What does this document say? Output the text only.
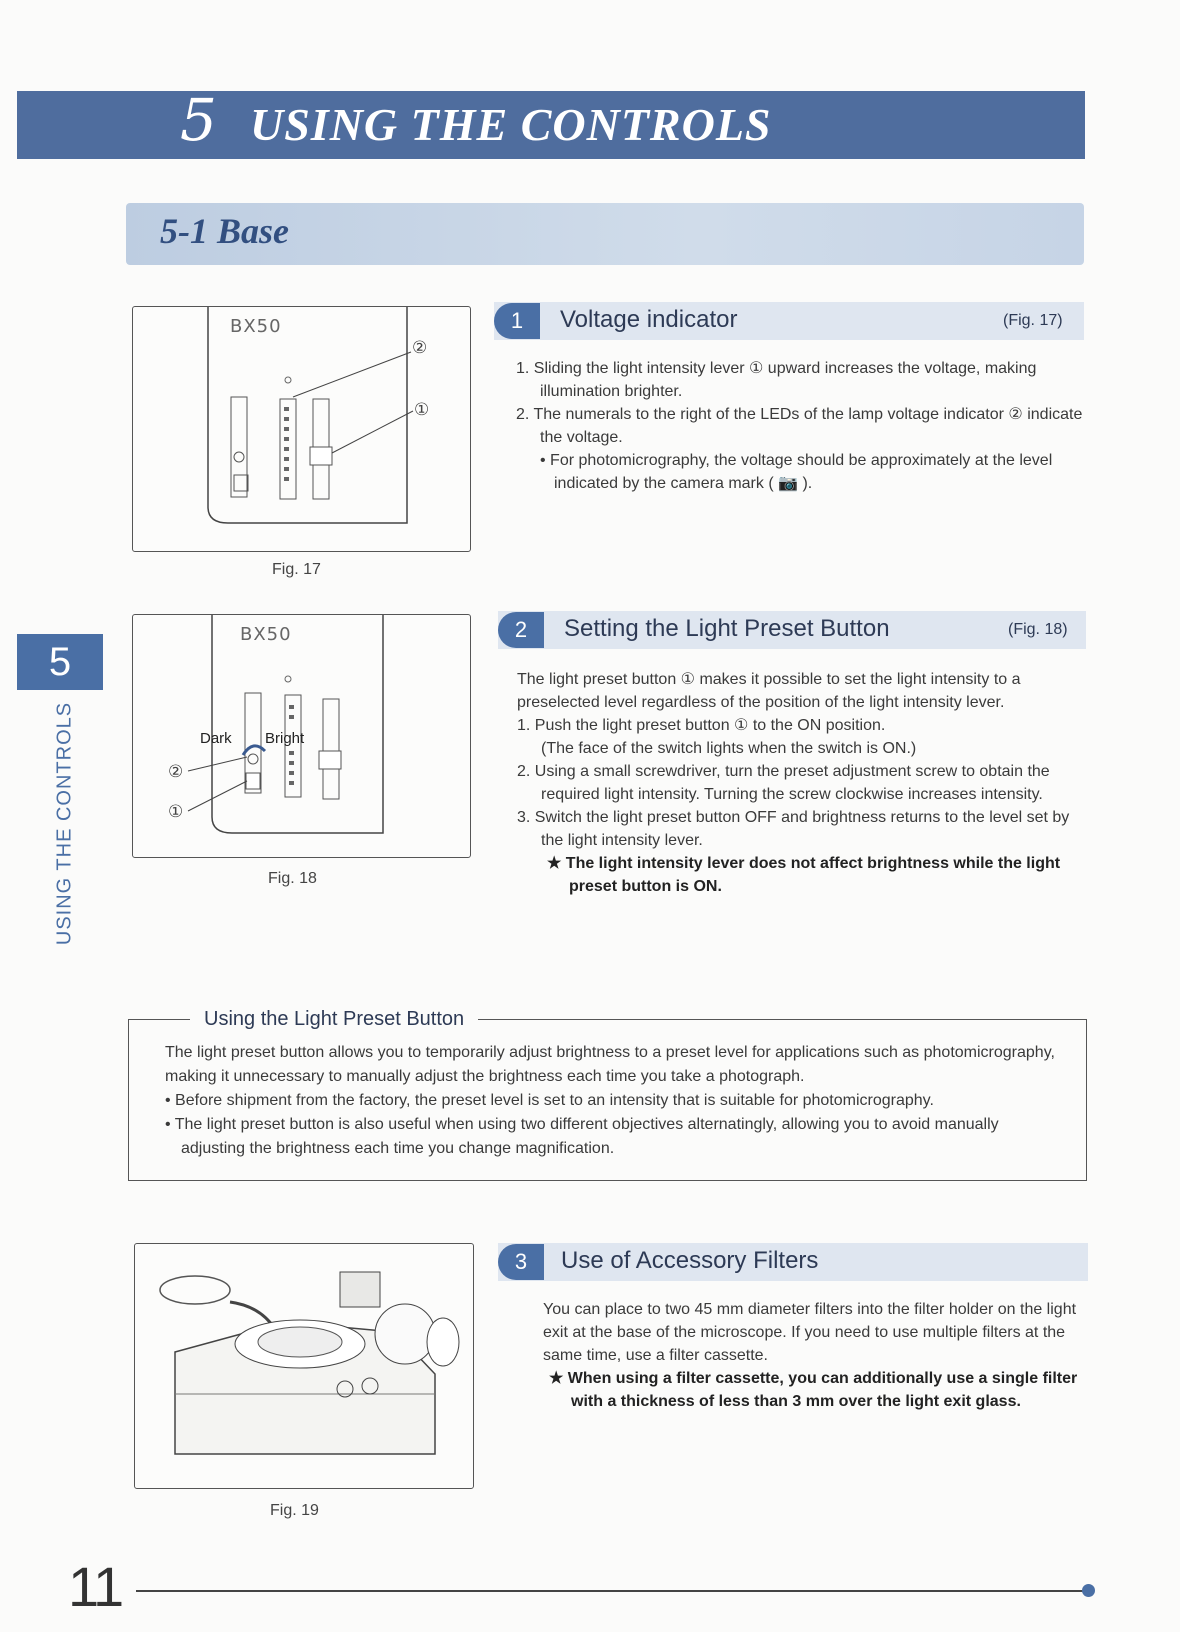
5 USING THE CONTROLS
5-1 Base
5
USING THE CONTROLS
BX50
②
①
Fig. 17
BX50
Dark Bright
②
①
Fig. 18
Fig. 19
1	Voltage indicator	(Fig. 17)

1. Sliding the light intensity lever ① upward increases the voltage, making illumination brighter.

2. The numerals to the right of the LEDs of the lamp voltage indicator ② indicate the voltage.

• For photomicrography, the voltage should be approximately at the level indicated by the camera mark ( 📷 ).

2	Setting the Light Preset Button	(Fig. 18)

The light preset button ① makes it possible to set the light intensity to a preselected level regardless of the position of the light intensity lever.

1. Push the light preset button ① to the ON position.

(The face of the switch lights when the switch is ON.)

2. Using a small screwdriver, turn the preset adjustment screw to obtain the required light intensity. Turning the screw clockwise increases intensity.

3. Switch the light preset button OFF and brightness returns to the level set by the light intensity lever.

★ The light intensity lever does not affect brightness while the light preset button is ON.

Using the Light Preset Button

The light preset button allows you to temporarily adjust brightness to a preset level for applications such as photomicrography, making it unnecessary to manually adjust the brightness each time you take a photograph.

• Before shipment from the factory, the preset level is set to an intensity that is suitable for photomicrography.

• The light preset button is also useful when using two different objectives alternatingly, allowing you to avoid manually adjusting the brightness each time you change magnification.

3	Use of Accessory Filters

You can place to two 45 mm diameter filters into the filter holder on the light exit at the base of the microscope. If you need to use multiple filters at the same time, use a filter cassette.

★ When using a filter cassette, you can additionally use a single filter with a thickness of less than 3 mm over the light exit glass.

11
